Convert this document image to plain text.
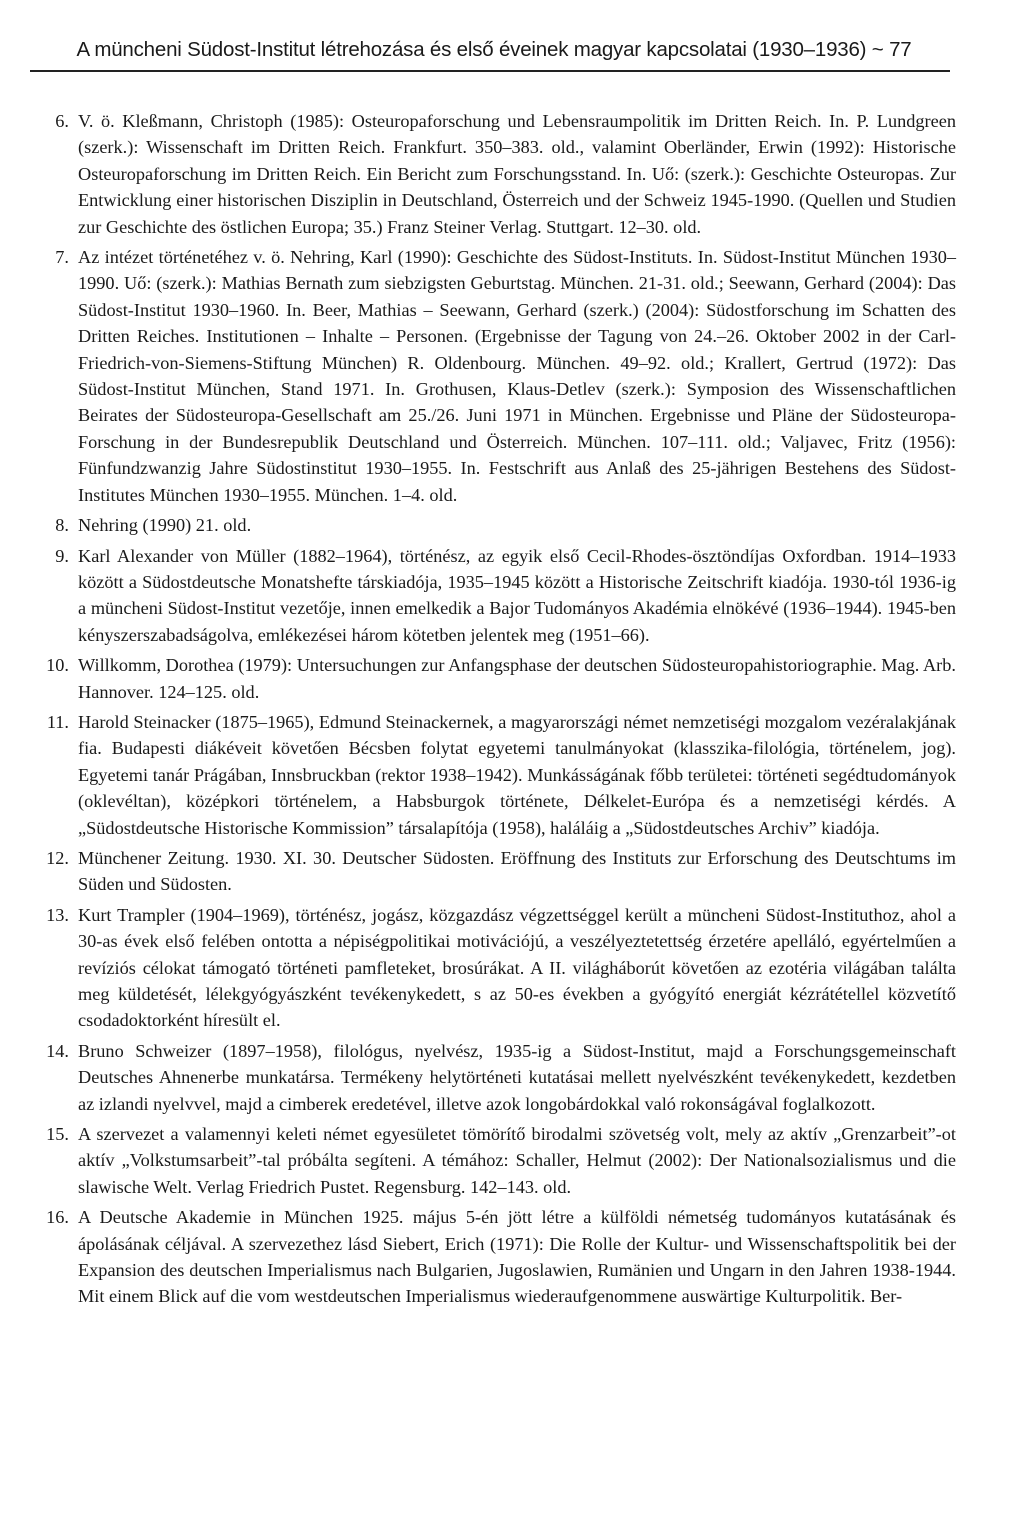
A müncheni Südost-Institut létrehozása és első éveinek magyar kapcsolatai (1930–1936) ~ 77
6. V. ö. Kleßmann, Christoph (1985): Osteuropaforschung und Lebensraumpolitik im Dritten Reich. In. P. Lundgreen (szerk.): Wissenschaft im Dritten Reich. Frankfurt. 350–383. old., valamint Oberländer, Erwin (1992): Historische Osteuropaforschung im Dritten Reich. Ein Bericht zum Forschungsstand. In. Uő: (szerk.): Geschichte Osteuropas. Zur Entwicklung einer historischen Disziplin in Deutschland, Österreich und der Schweiz 1945-1990. (Quellen und Studien zur Geschichte des östlichen Europa; 35.) Franz Steiner Verlag. Stuttgart. 12–30. old.
7. Az intézet történetéhez v. ö. Nehring, Karl (1990): Geschichte des Südost-Instituts. In. Südost-Institut München 1930–1990. Uő: (szerk.): Mathias Bernath zum siebzigsten Geburtstag. München. 21-31. old.; Seewann, Gerhard (2004): Das Südost-Institut 1930–1960. In. Beer, Mathias – Seewann, Gerhard (szerk.) (2004): Südostforschung im Schatten des Dritten Reiches. Institutionen – Inhalte – Personen. (Ergebnisse der Tagung von 24.–26. Oktober 2002 in der Carl-Friedrich-von-Siemens-Stiftung München) R. Oldenbourg. München. 49–92. old.; Krallert, Gertrud (1972): Das Südost-Institut München, Stand 1971. In. Grothusen, Klaus-Detlev (szerk.): Symposion des Wissenschaftlichen Beirates der Südosteuropa-Gesellschaft am 25./26. Juni 1971 in München. Ergebnisse und Pläne der Südosteuropa-Forschung in der Bundesrepublik Deutschland und Österreich. München. 107–111. old.; Valjavec, Fritz (1956): Fünfundzwanzig Jahre Südostinstitut 1930–1955. In. Festschrift aus Anlaß des 25-jährigen Bestehens des Südost-Institutes München 1930–1955. München. 1–4. old.
8. Nehring (1990) 21. old.
9. Karl Alexander von Müller (1882–1964), történész, az egyik első Cecil-Rhodes-ösztöndíjas Oxfordban. 1914–1933 között a Südostdeutsche Monatshefte társkiadója, 1935–1945 között a Historische Zeitschrift kiadója. 1930-tól 1936-ig a müncheni Südost-Institut vezetője, innen emelkedik a Bajor Tudományos Akadémia elnökévé (1936–1944). 1945-ben kényszerszabadságolva, emlékezései három kötetben jelentek meg (1951–66).
10. Willkomm, Dorothea (1979): Untersuchungen zur Anfangsphase der deutschen Südosteuropahistoriographie. Mag. Arb. Hannover. 124–125. old.
11. Harold Steinacker (1875–1965), Edmund Steinackernek, a magyarországi német nemzetiségi mozgalom vezéralakjának fia. Budapesti diákéveit követően Bécsben folytat egyetemi tanulmányokat (klasszika-filológia, történelem, jog). Egyetemi tanár Prágában, Innsbruckban (rektor 1938–1942). Munkásságának főbb területei: történeti segédtudományok (oklevéltan), középkori történelem, a Habsburgok története, Délkelet-Európa és a nemzetiségi kérdés. A „Südostdeutsche Historische Kommission” társalapítója (1958), haláláig a „Südostdeutsches Archiv” kiadója.
12. Münchener Zeitung. 1930. XI. 30. Deutscher Südosten. Eröffnung des Instituts zur Erforschung des Deutschtums im Süden und Südosten.
13. Kurt Trampler (1904–1969), történész, jogász, közgazdász végzettséggel került a müncheni Südost-Instituthoz, ahol a 30-as évek első felében ontotta a népiségpolitikai motivációjú, a veszélyeztetettség érzetére apelláló, egyértelműen a revíziós célokat támogató történeti pamfleteket, brosúrákat. A II. világháborút követően az ezotéria világában találta meg küldetését, lélekgyógyászként tevékenykedett, s az 50-es években a gyógyító energiát kézrátétellel közvetítő csodadoktorként híresült el.
14. Bruno Schweizer (1897–1958), filológus, nyelvész, 1935-ig a Südost-Institut, majd a Forschungsgemeinschaft Deutsches Ahnenerbe munkatársa. Termékeny helytörténeti kutatásai mellett nyelvészként tevékenykedett, kezdetben az izlandi nyelvvel, majd a cimberek eredetével, illetve azok longobárdokkal való rokonságával foglalkozott.
15. A szervezet a valamennyi keleti német egyesületet tömörítő birodalmi szövetség volt, mely az aktív „Grenzarbeit”-ot aktív „Volkstumsarbeit”-tal próbálta segíteni. A témához: Schaller, Helmut (2002): Der Nationalsozialismus und die slawische Welt. Verlag Friedrich Pustet. Regensburg. 142–143. old.
16. A Deutsche Akademie in München 1925. május 5-én jött létre a külföldi németség tudományos kutatásának és ápolásának céljával. A szervezethez lásd Siebert, Erich (1971): Die Rolle der Kultur- und Wissenschaftspolitik bei der Expansion des deutschen Imperialismus nach Bulgarien, Jugoslawien, Rumänien und Ungarn in den Jahren 1938-1944. Mit einem Blick auf die vom westdeutschen Imperialismus wiederaufgenommene auswärtige Kulturpolitik. Ber-
